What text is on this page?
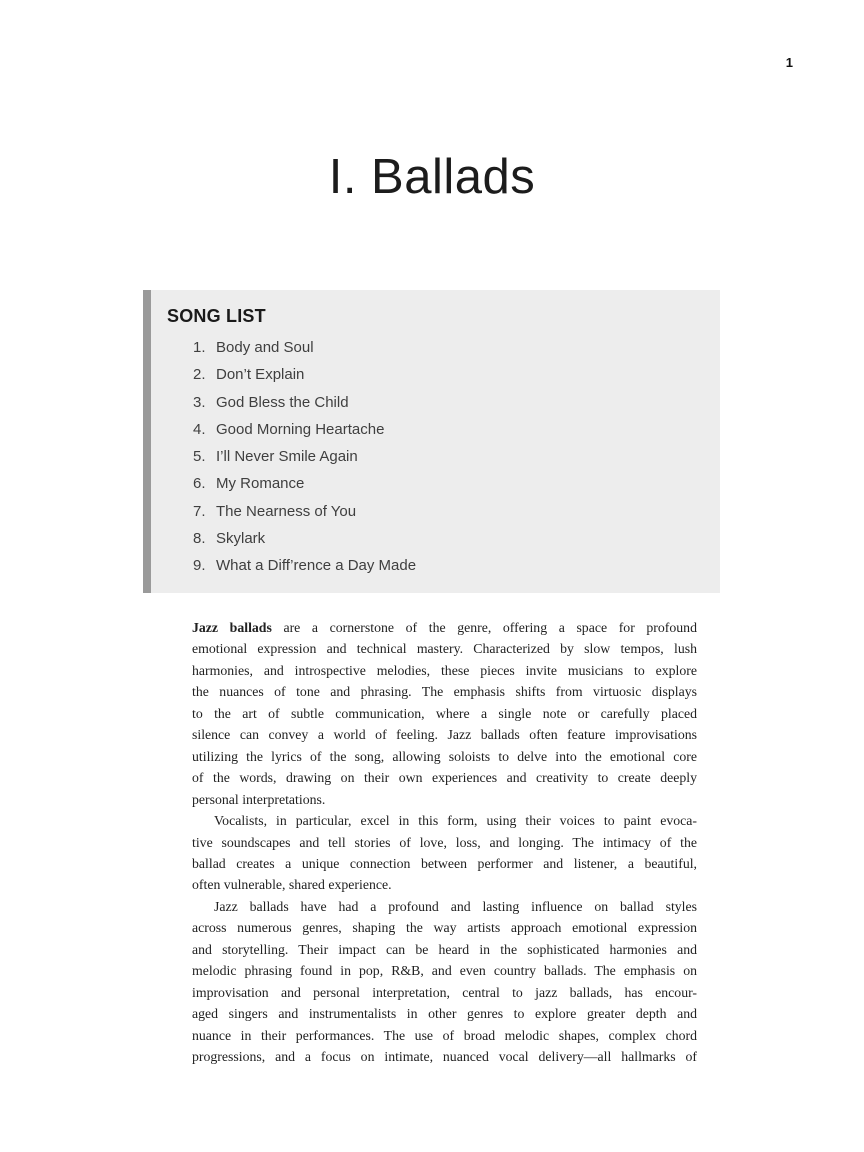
1
I. Ballads
SONG LIST
1. Body and Soul
2. Don’t Explain
3. God Bless the Child
4. Good Morning Heartache
5. I’ll Never Smile Again
6. My Romance
7. The Nearness of You
8. Skylark
9. What a Diff’rence a Day Made
Jazz ballads are a cornerstone of the genre, offering a space for profound
emotional expression and technical mastery. Characterized by slow tempos, lush
harmonies, and introspective melodies, these pieces invite musicians to explore
the nuances of tone and phrasing. The emphasis shifts from virtuosic displays
to the art of subtle communication, where a single note or carefully placed
silence can convey a world of feeling. Jazz ballads often feature improvisations
utilizing the lyrics of the song, allowing soloists to delve into the emotional core
of the words, drawing on their own experiences and creativity to create deeply
personal interpretations.
Vocalists, in particular, excel in this form, using their voices to paint evoca-
tive soundscapes and tell stories of love, loss, and longing. The intimacy of the
ballad creates a unique connection between performer and listener, a beautiful,
often vulnerable, shared experience.
Jazz ballads have had a profound and lasting influence on ballad styles
across numerous genres, shaping the way artists approach emotional expression
and storytelling. Their impact can be heard in the sophisticated harmonies and
melodic phrasing found in pop, R&B, and even country ballads. The emphasis on
improvisation and personal interpretation, central to jazz ballads, has encour-
aged singers and instrumentalists in other genres to explore greater depth and
nuance in their performances. The use of broad melodic shapes, complex chord
progressions, and a focus on intimate, nuanced vocal delivery—all hallmarks of
